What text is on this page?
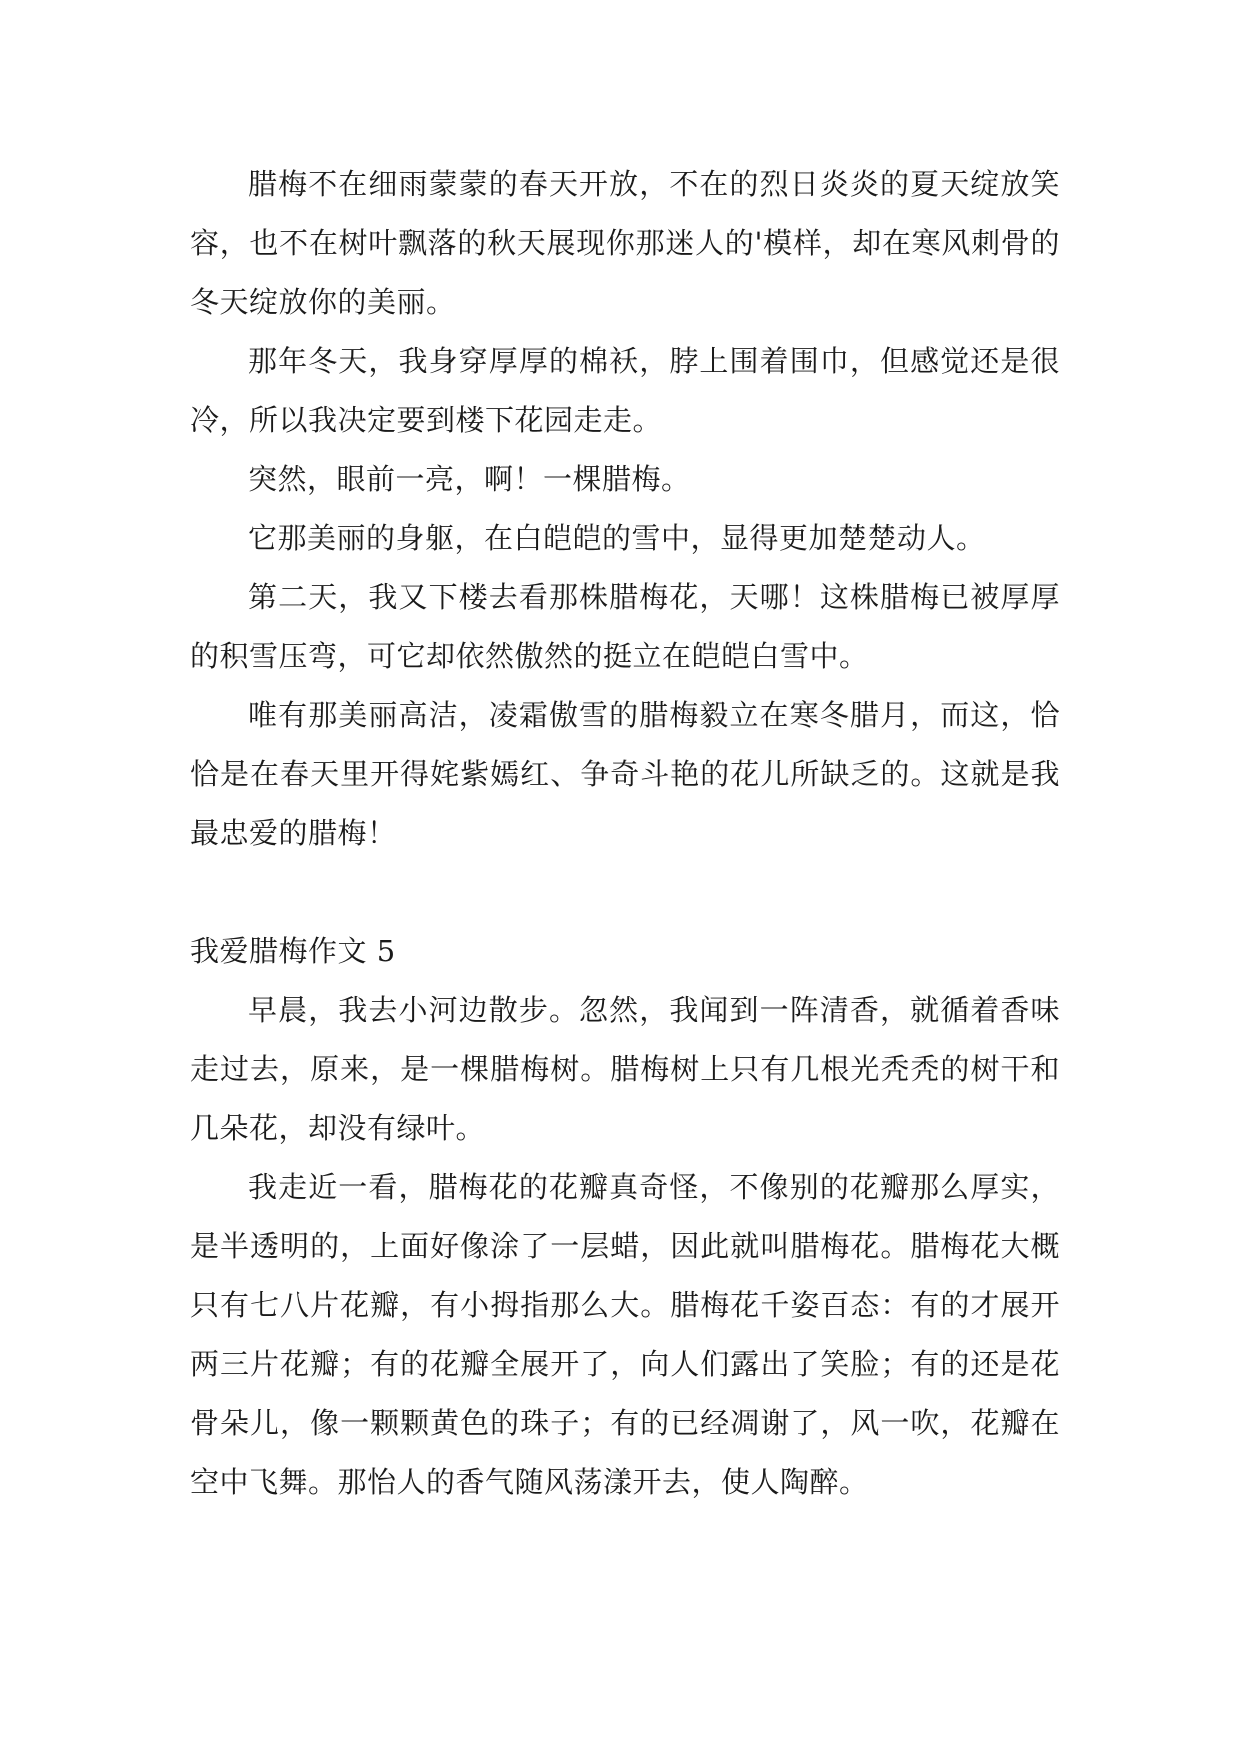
腊梅不在细雨蒙蒙的春天开放，不在的烈日炎炎的夏天绽放笑容，也不在树叶飘落的秋天展现你那迷人的'模样，却在寒风刺骨的冬天绽放你的美丽。

那年冬天，我身穿厚厚的棉袄，脖上围着围巾，但感觉还是很冷，所以我决定要到楼下花园走走。

突然，眼前一亮，啊！一棵腊梅。

它那美丽的身躯，在白皑皑的雪中，显得更加楚楚动人。

第二天，我又下楼去看那株腊梅花，天哪！这株腊梅已被厚厚的积雪压弯，可它却依然傲然的挺立在皑皑白雪中。

唯有那美丽高洁，凌霜傲雪的腊梅毅立在寒冬腊月，而这，恰恰是在春天里开得姹紫嫣红、争奇斗艳的花儿所缺乏的。这就是我最忠爱的腊梅！

我爱腊梅作文 5

早晨，我去小河边散步。忽然，我闻到一阵清香，就循着香味走过去，原来，是一棵腊梅树。腊梅树上只有几根光秃秃的树干和几朵花，却没有绿叶。

我走近一看，腊梅花的花瓣真奇怪，不像别的花瓣那么厚实，是半透明的，上面好像涂了一层蜡，因此就叫腊梅花。腊梅花大概只有七八片花瓣，有小拇指那么大。腊梅花千姿百态：有的才展开两三片花瓣；有的花瓣全展开了，向人们露出了笑脸；有的还是花骨朵儿，像一颗颗黄色的珠子；有的已经凋谢了，风一吹，花瓣在空中飞舞。那怡人的香气随风荡漾开去，使人陶醉。
